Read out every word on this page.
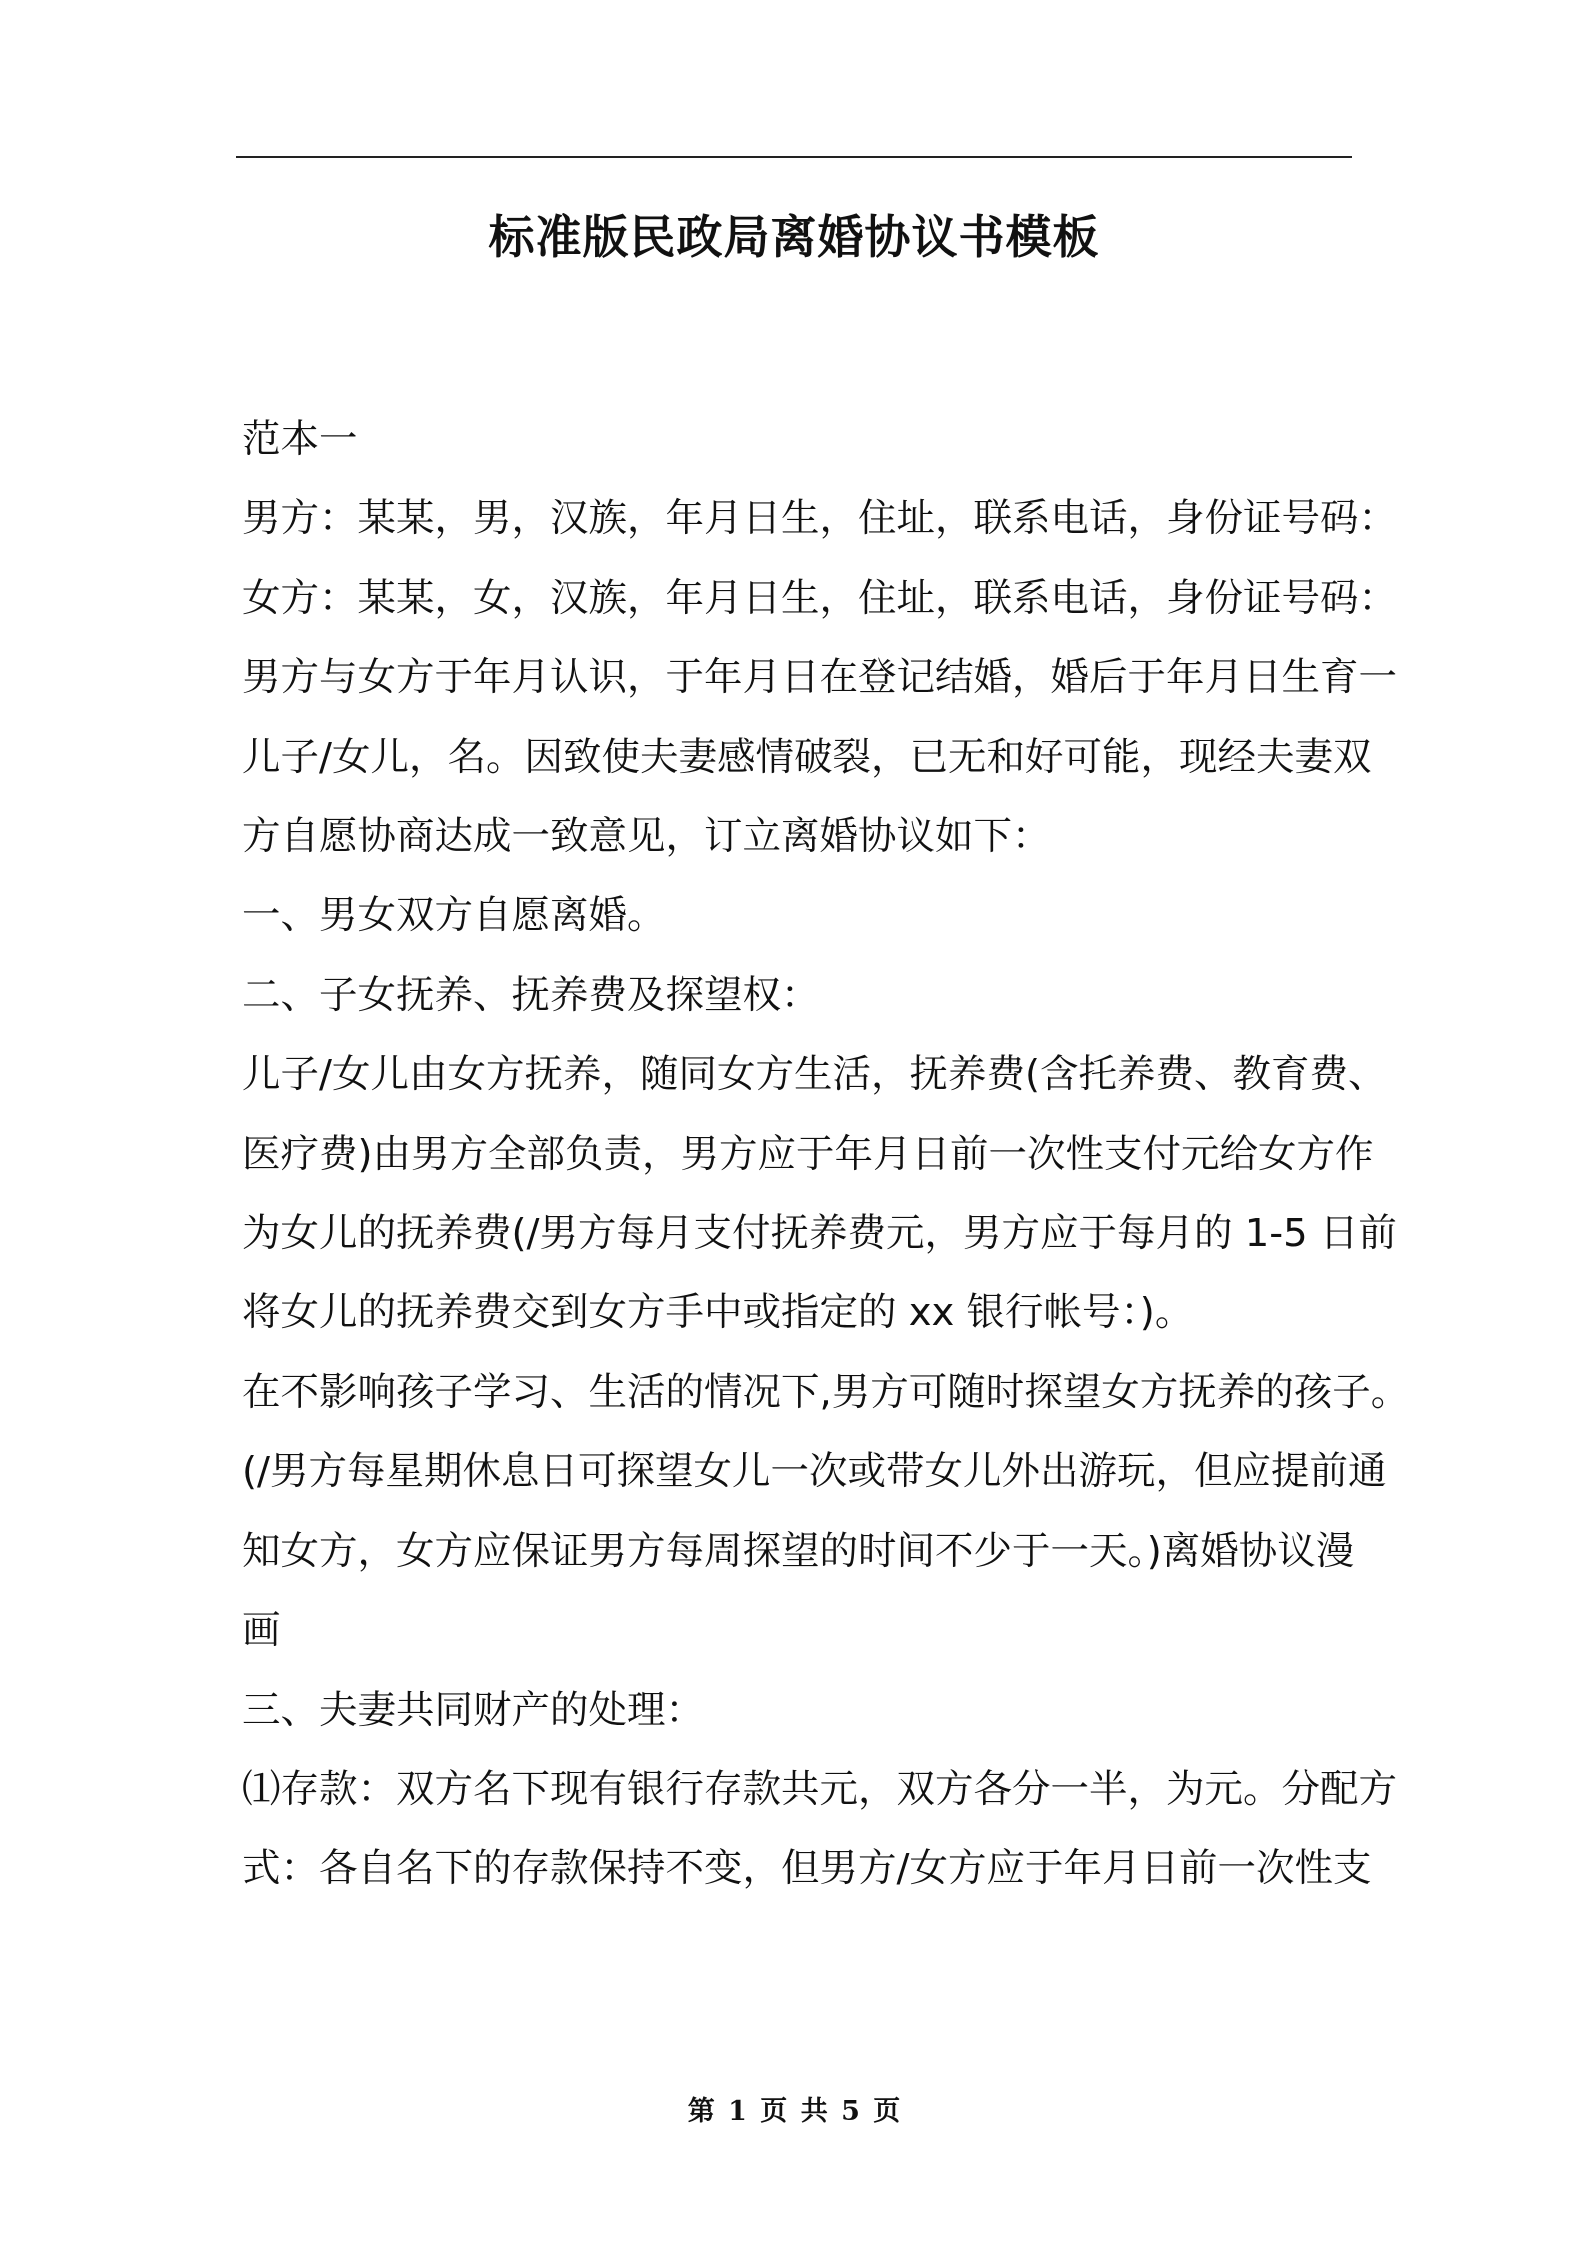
标准版民政局离婚协议书模板

范本一

男方：某某，男，汉族，年月日生，住址，联系电话，身份证号码：

女方：某某，女，汉族，年月日生，住址，联系电话，身份证号码：

男方与女方于年月认识，于年月日在登记结婚，婚后于年月日生育一

儿子/女儿，名。因致使夫妻感情破裂，已无和好可能，现经夫妻双

方自愿协商达成一致意见，订立离婚协议如下：

一、男女双方自愿离婚。

二、子女抚养、抚养费及探望权：

儿子/女儿由女方抚养，随同女方生活，抚养费(含托养费、教育费、

医疗费)由男方全部负责，男方应于年月日前一次性支付元给女方作

为女儿的抚养费(/男方每月支付抚养费元，男方应于每月的 1-5 日前

将女儿的抚养费交到女方手中或指定的 xx 银行帐号：)。

在不影响孩子学习、生活的情况下,男方可随时探望女方抚养的孩子。

(/男方每星期休息日可探望女儿一次或带女儿外出游玩，但应提前通

知女方，女方应保证男方每周探望的时间不少于一天。)离婚协议漫

画

三、夫妻共同财产的处理：

⑴存款：双方名下现有银行存款共元，双方各分一半，为元。分配方

式：各自名下的存款保持不变，但男方/女方应于年月日前一次性支

第 1 页 共 5 页
